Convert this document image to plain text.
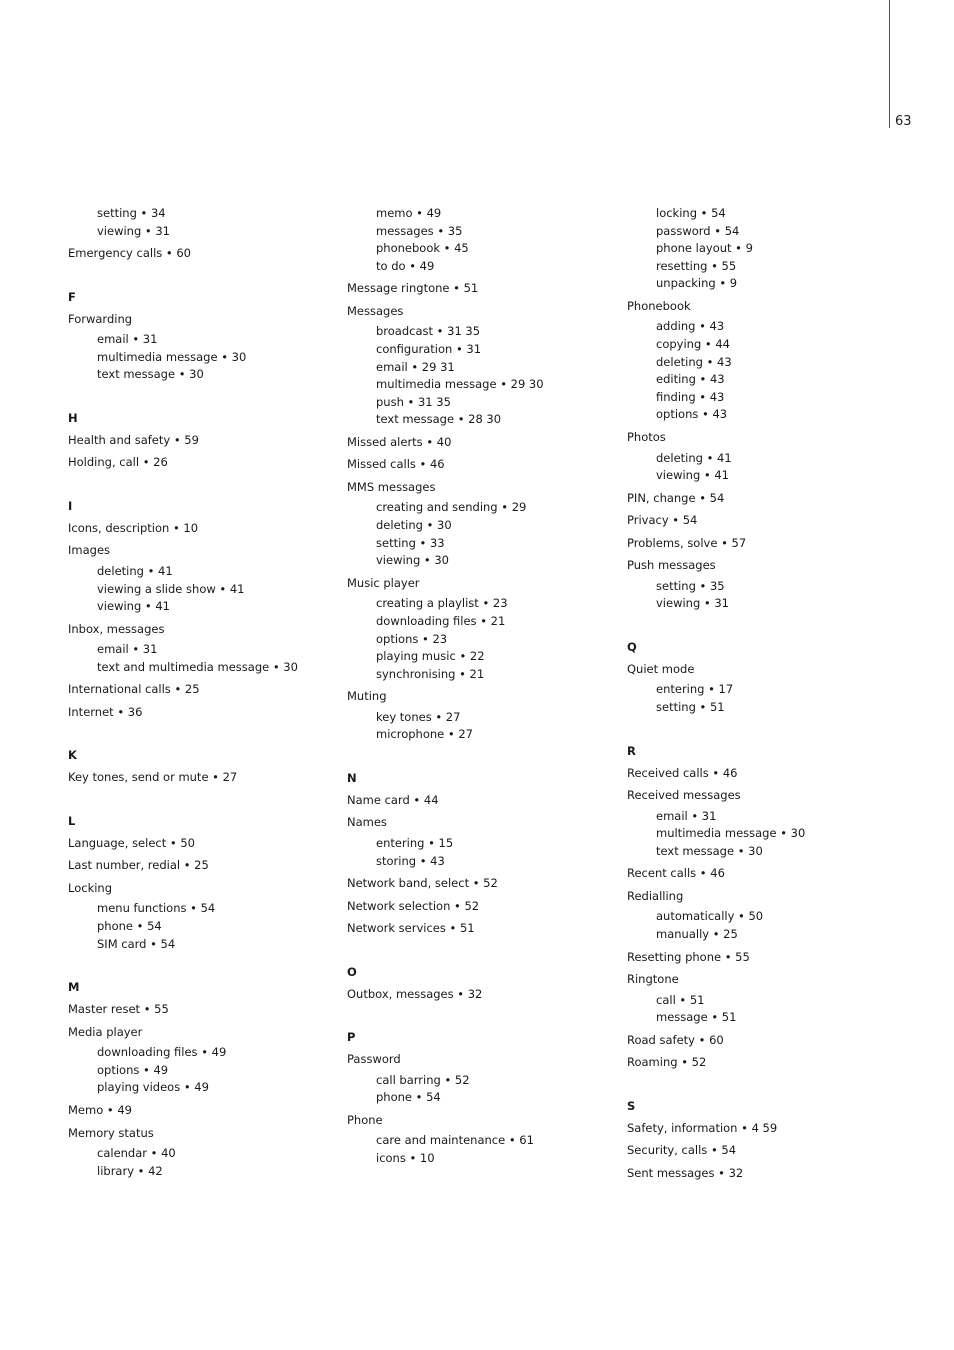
63
setting • 34
viewing • 31
Emergency calls • 60
F
Forwarding
email • 31
multimedia message • 30
text message • 30
H
Health and safety • 59
Holding, call • 26
I
Icons, description • 10
Images
deleting • 41
viewing a slide show • 41
viewing • 41
Inbox, messages
email • 31
text and multimedia message • 30
International calls • 25
Internet • 36
K
Key tones, send or mute • 27
L
Language, select • 50
Last number, redial • 25
Locking
menu functions • 54
phone • 54
SIM card • 54
M
Master reset • 55
Media player
downloading files • 49
options • 49
playing videos • 49
Memo • 49
Memory status
calendar • 40
library • 42
memo • 49
messages • 35
phonebook • 45
to do • 49
Message ringtone • 51
Messages
broadcast • 31 35
configuration • 31
email • 29 31
multimedia message • 29 30
push • 31 35
text message • 28 30
Missed alerts • 40
Missed calls • 46
MMS messages
creating and sending • 29
deleting • 30
setting • 33
viewing • 30
Music player
creating a playlist • 23
downloading files • 21
options • 23
playing music • 22
synchronising • 21
Muting
key tones • 27
microphone • 27
N
Name card • 44
Names
entering • 15
storing • 43
Network band, select • 52
Network selection • 52
Network services • 51
O
Outbox, messages • 32
P
Password
call barring • 52
phone • 54
Phone
care and maintenance • 61
icons • 10
locking • 54
password • 54
phone layout • 9
resetting • 55
unpacking • 9
Phonebook
adding • 43
copying • 44
deleting • 43
editing • 43
finding • 43
options • 43
Photos
deleting • 41
viewing • 41
PIN, change • 54
Privacy • 54
Problems, solve • 57
Push messages
setting • 35
viewing • 31
Q
Quiet mode
entering • 17
setting • 51
R
Received calls • 46
Received messages
email • 31
multimedia message • 30
text message • 30
Recent calls • 46
Redialling
automatically • 50
manually • 25
Resetting phone • 55
Ringtone
call • 51
message • 51
Road safety • 60
Roaming • 52
S
Safety, information • 4 59
Security, calls • 54
Sent messages • 32
